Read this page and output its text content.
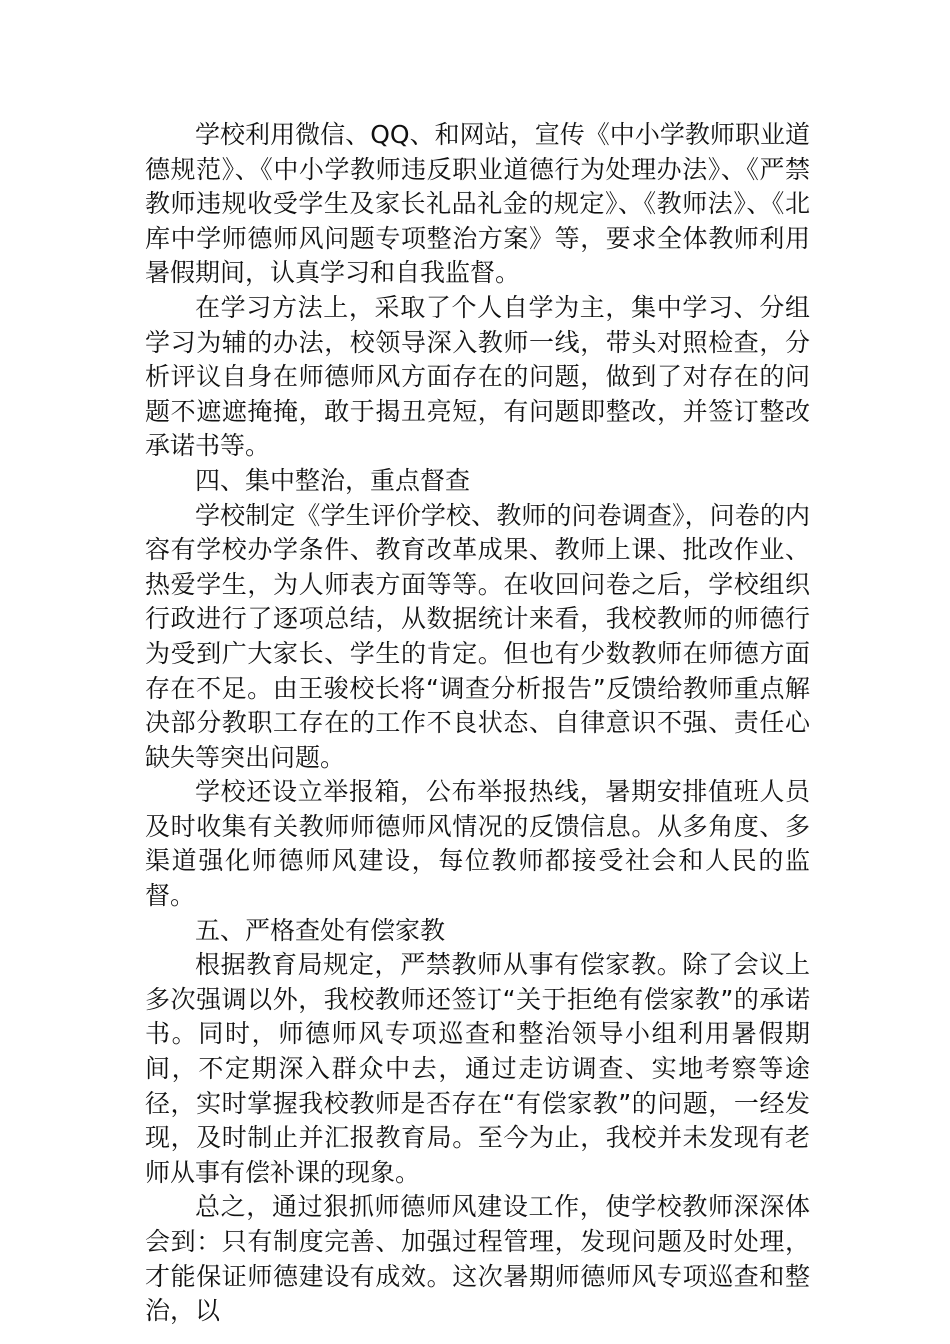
学校利用微信、QQ、和网站，宣传《中小学教师职业道德规范》、《中小学教师违反职业道德行为处理办法》、《严禁教师违规收受学生及家长礼品礼金的规定》、《教师法》、《北库中学师德师风问题专项整治方案》等，要求全体教师利用暑假期间，认真学习和自我监督。

在学习方法上，采取了个人自学为主，集中学习、分组学习为辅的办法，校领导深入教师一线，带头对照检查，分析评议自身在师德师风方面存在的问题，做到了对存在的问题不遮遮掩掩，敢于揭丑亮短，有问题即整改，并签订整改承诺书等。

四、集中整治，重点督查

学校制定《学生评价学校、教师的问卷调查》，问卷的内容有学校办学条件、教育改革成果、教师上课、批改作业、热爱学生，为人师表方面等等。在收回问卷之后，学校组织行政进行了逐项总结，从数据统计来看，我校教师的师德行为受到广大家长、学生的肯定。但也有少数教师在师德方面存在不足。由王骏校长将“调查分析报告”反馈给教师重点解决部分教职工存在的工作不良状态、自律意识不强、责任心缺失等突出问题。

学校还设立举报箱，公布举报热线，暑期安排值班人员及时收集有关教师师德师风情况的反馈信息。从多角度、多渠道强化师德师风建设，每位教师都接受社会和人民的监督。

五、严格查处有偿家教

根据教育局规定，严禁教师从事有偿家教。除了会议上多次强调以外，我校教师还签订“关于拒绝有偿家教”的承诺书。同时，师德师风专项巡查和整治领导小组利用暑假期间，不定期深入群众中去，通过走访调查、实地考察等途径，实时掌握我校教师是否存在“有偿家教”的问题，一经发现，及时制止并汇报教育局。至今为止，我校并未发现有老师从事有偿补课的现象。

总之，通过狠抓师德师风建设工作，使学校教师深深体会到：只有制度完善、加强过程管理，发现问题及时处理，才能保证师德建设有成效。这次暑期师德师风专项巡查和整治，以
